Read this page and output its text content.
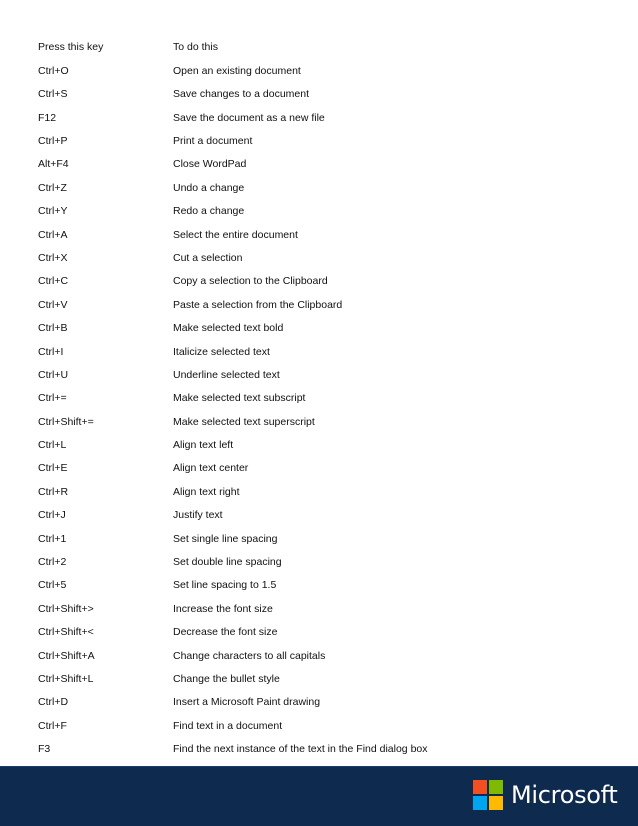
Press this key	To do this
Ctrl+O	Open an existing document
Ctrl+S	Save changes to a document
F12	Save the document as a new file
Ctrl+P	Print a document
Alt+F4	Close WordPad
Ctrl+Z	Undo a change
Ctrl+Y	Redo a change
Ctrl+A	Select the entire document
Ctrl+X	Cut a selection
Ctrl+C	Copy a selection to the Clipboard
Ctrl+V	Paste a selection from the Clipboard
Ctrl+B	Make selected text bold
Ctrl+I	Italicize selected text
Ctrl+U	Underline selected text
Ctrl+=	Make selected text subscript
Ctrl+Shift+=	Make selected text superscript
Ctrl+L	Align text left
Ctrl+E	Align text center
Ctrl+R	Align text right
Ctrl+J	Justify text
Ctrl+1	Set single line spacing
Ctrl+2	Set double line spacing
Ctrl+5	Set line spacing to 1.5
Ctrl+Shift+>	Increase the font size
Ctrl+Shift+<	Decrease the font size
Ctrl+Shift+A	Change characters to all capitals
Ctrl+Shift+L	Change the bullet style
Ctrl+D	Insert a Microsoft Paint drawing
Ctrl+F	Find text in a document
F3	Find the next instance of the text in the Find dialog box
Microsoft
